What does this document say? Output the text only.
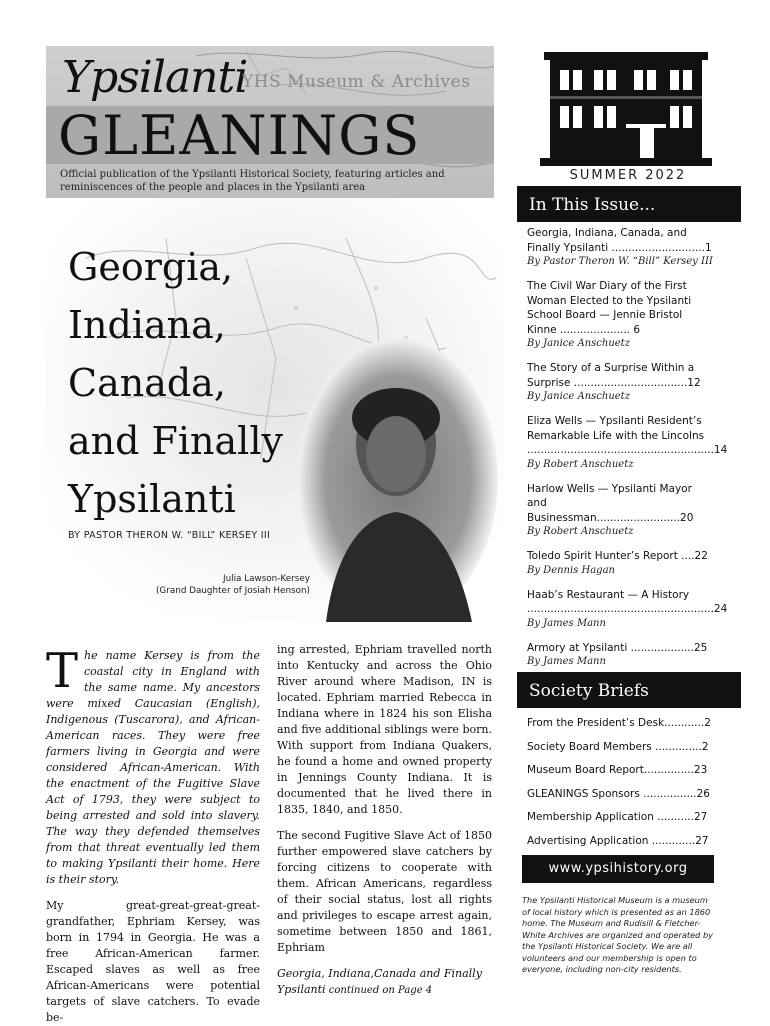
Ypsilanti
YHS Museum & Archives
GLEANINGS
Official publication of the Ypsilanti Historical Society, featuring articles and reminiscences of the people and places in the Ypsilanti area
SUMMER 2022
In This Issue...
Georgia, Indiana, Canada, and Finally Ypsilanti ............................1
By Pastor Theron W. “Bill” Kersey III
The Civil War Diary of the First Woman Elected to the Ypsilanti School Board — Jennie Bristol Kinne ..................... 6
By Janice Anschuetz
The Story of a Surprise Within a Surprise ..................................12
By Janice Anschuetz
Eliza Wells — Ypsilanti Resident’s Remarkable Life with the Lincolns ........................................................14
By Robert Anschuetz
Harlow Wells — Ypsilanti Mayor and Businessman.........................20
By Robert Anschuetz
Toledo Spirit Hunter’s Report ....22
By Dennis Hagan
Haab’s Restaurant — A History ........................................................24
By James Mann
Armory at Ypsilanti ...................25
By James Mann
Society Briefs
From the President’s Desk............2
Society Board Members ..............2
Museum Board Report...............23
GLEANINGS Sponsors ................26
Membership Application ...........27
Advertising Application .............27
www.ypsihistory.org
The Ypsilanti Historical Museum is a museum of local history which is presented as an 1860 home. The Museum and Rudisill & Fletcher-White Archives are organized and operated by the Ypsilanti Historical Society. We are all volunteers and our membership is open to everyone, including non-city residents.
Georgia,
Indiana,
Canada,
and Finally
Ypsilanti
BY PASTOR THERON W. “BILL” KERSEY III
Julia Lawson-Kersey
(Grand Daughter of Josiah Henson)
The name Kersey is from the coastal city in England with the same name. My ancestors were mixed Caucasian (English), Indigenous (Tuscarora), and African-American races. They were free farmers living in Georgia and were considered African-American. With the enactment of the Fugitive Slave Act of 1793, they were subject to being arrested and sold into slavery. The way they defended themselves from that threat eventually led them to making Ypsilanti their home. Here is their story.
My great-great-great-great-grandfather, Ephriam Kersey, was born in 1794 in Georgia. He was a free African-American farmer. Escaped slaves as well as free African-Americans were potential targets of slave catchers. To evade be-
ing arrested, Ephriam travelled north into Kentucky and across the Ohio River around where Madison, IN is located. Ephriam married Rebecca in Indiana where in 1824 his son Elisha and five additional siblings were born. With support from Indiana Quakers, he found a home and owned property in Jennings County Indiana. It is documented that he lived there in 1835, 1840, and 1850.
The second Fugitive Slave Act of 1850 further empowered slave catchers by forcing citizens to cooperate with them. African Americans, regardless of their social status, lost all rights and privileges to escape arrest again, sometime between 1850 and 1861, Ephriam
Georgia, Indiana,Canada and Finally Ypsilanti continued on Page 4
